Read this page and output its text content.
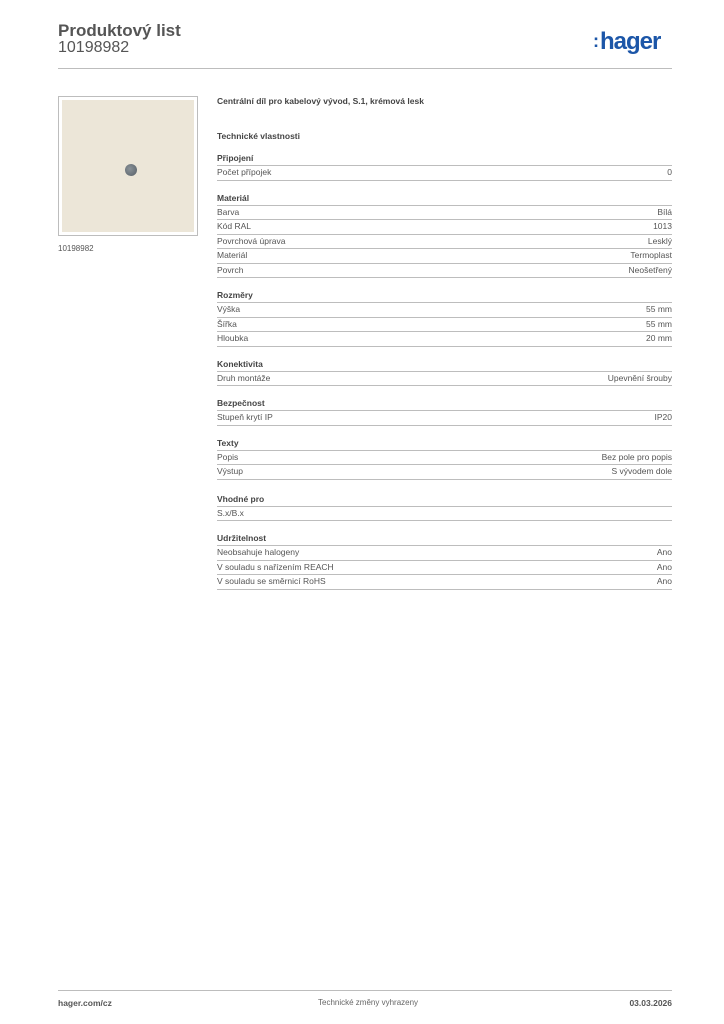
Produktový list
10198982	:hager
10198982
Centrální díl pro kabelový vývod, S.1, krémová lesk
Technické vlastnosti
Připojení
Počet přípojek	0
Materiál
Barva	Bílá
Kód RAL	1013
Povrchová úprava	Lesklý
Materiál	Termoplast
Povrch	Neošetřený
Rozměry
Výška	55 mm
Šířka	55 mm
Hloubka	20 mm
Konektivita
Druh montáže	Upevnění šrouby
Bezpečnost
Stupeň krytí IP	IP20
Texty
Popis	Bez pole pro popis
Výstup	S vývodem dole
Vhodné pro
S.x/B.x
Udržitelnost
Neobsahuje halogeny	Ano
V souladu s nařízením REACH	Ano
V souladu se směrnicí RoHS	Ano
hager.com/cz	Technické změny vyhrazeny	03.03.2026
